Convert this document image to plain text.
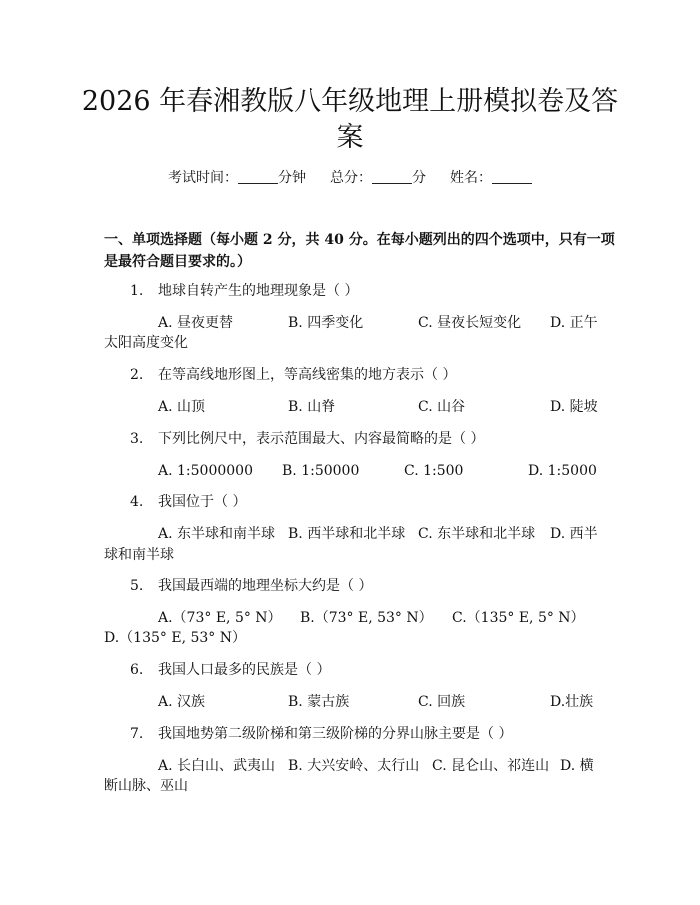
2026 年春湘教版八年级地理上册模拟卷及答
案
考试时间：	分钟 总分：	分 姓名：
一、单项选择题（每小题 2 分，共 40 分。在每小题列出的四个选项中，只有一项
是最符合题目要求的。）
1. 地球自转产生的地理现象是（ ）
A. 昼夜更替	B. 四季变化	C. 昼夜长短变化 D. 正午
太阳高度变化
2. 在等高线地形图上，等高线密集的地方表示（ ）
A. 山顶	B. 山脊	C. 山谷	D. 陡坡
3. 下列比例尺中，表示范围最大、内容最简略的是（ ）
A. 1:5000000 B. 1:50000	C. 1:500	D. 1:5000
4. 我国位于（ ）
A. 东半球和南半球 B. 西半球和北半球 C. 东半球和北半球 D. 西半
球和南半球
5. 我国最西端的地理坐标大约是（ ）
A.（73° E, 5° N） B.（73° E, 53° N） C.（135° E, 5° N）
D.（135° E, 53° N）
6. 我国人口最多的民族是（ ）
A. 汉族	B. 蒙古族	C. 回族	D.壮族
7. 我国地势第二级阶梯和第三级阶梯的分界山脉主要是（ ）
A. 长白山、武夷山 B. 大兴安岭、太行山 C. 昆仑山、祁连山 D. 横
断山脉、巫山
